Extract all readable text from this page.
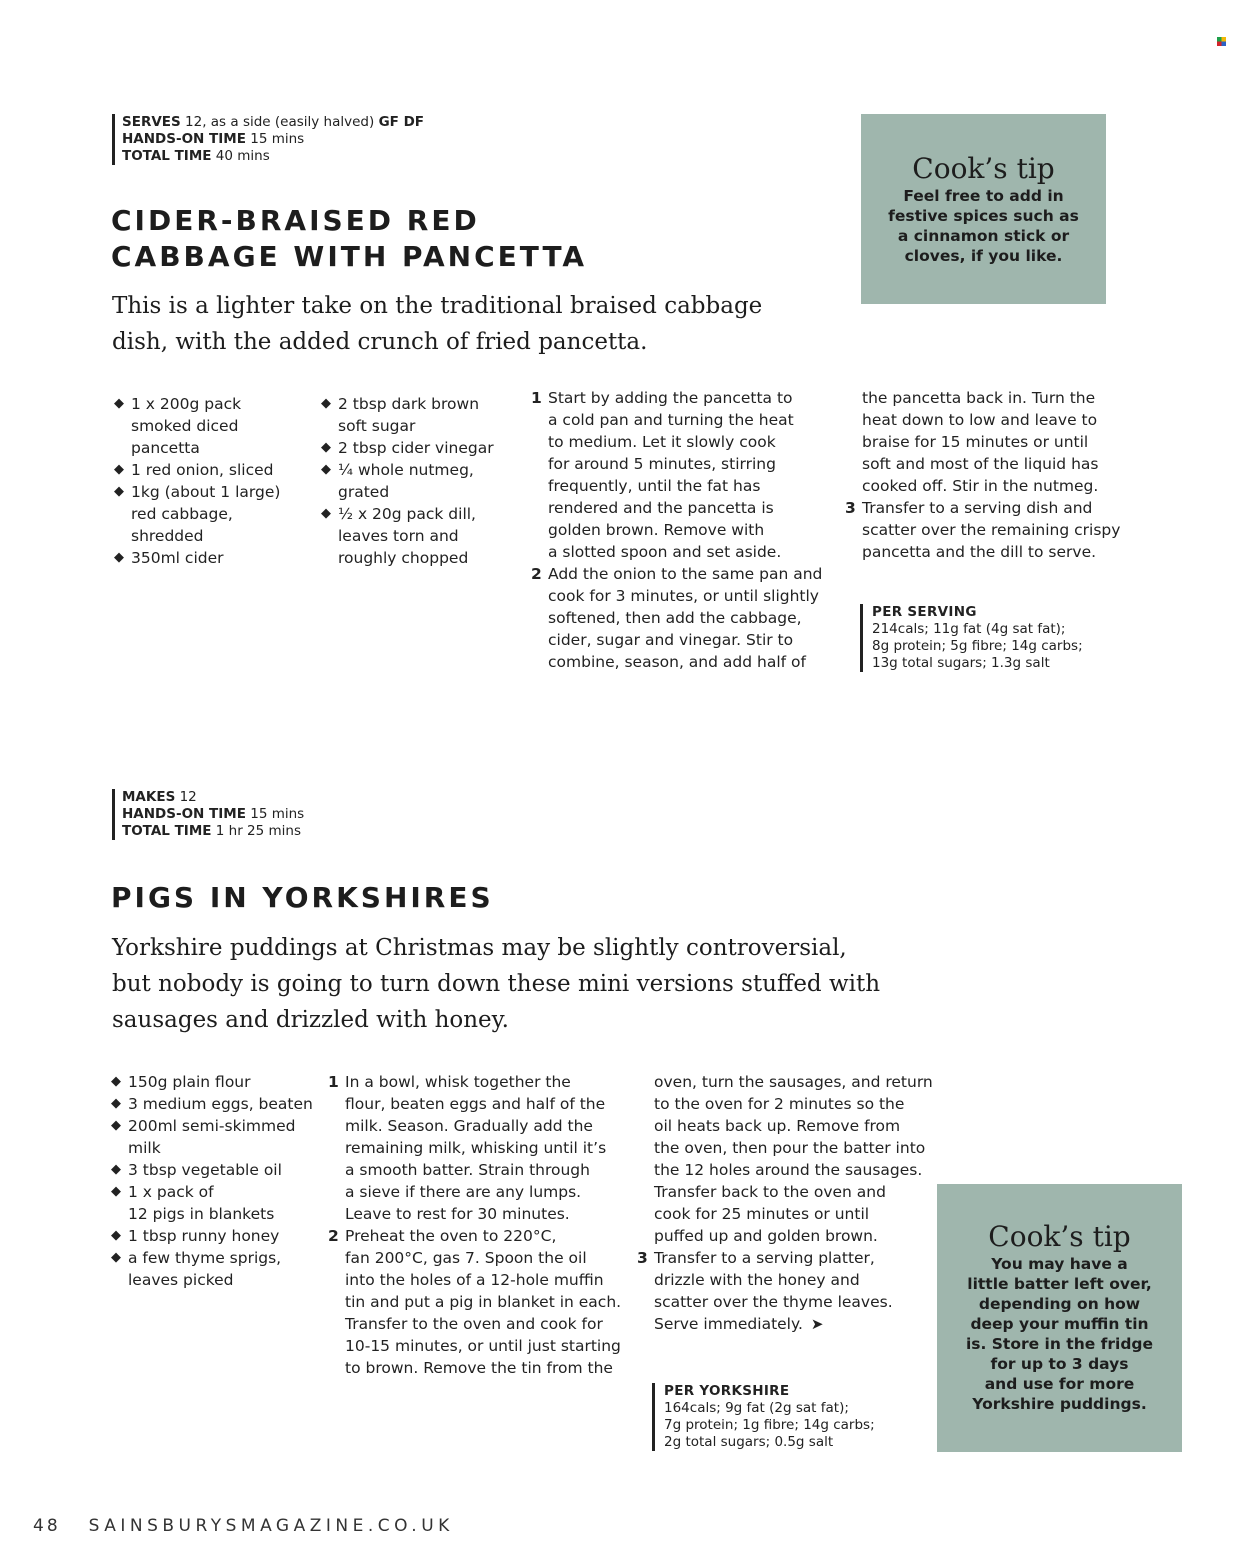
SERVES 12, as a side (easily halved) GF DF
HANDS-ON TIME 15 mins
TOTAL TIME 40 mins
CIDER-BRAISED RED
CABBAGE WITH PANCETTA
This is a lighter take on the traditional braised cabbage
dish, with the added crunch of fried pancetta.
◆ 1 x 200g pack
smoked diced
pancetta
◆ 1 red onion, sliced
◆ 1kg (about 1 large)
red cabbage,
shredded
◆ 350ml cider
◆ 2 tbsp dark brown
soft sugar
◆ 2 tbsp cider vinegar
◆ ¼ whole nutmeg,
grated
◆ ½ x 20g pack dill,
leaves torn and
roughly chopped
1 Start by adding the pancetta to
a cold pan and turning the heat
to medium. Let it slowly cook
for around 5 minutes, stirring
frequently, until the fat has
rendered and the pancetta is
golden brown. Remove with
a slotted spoon and set aside.
2 Add the onion to the same pan and
cook for 3 minutes, or until slightly
softened, then add the cabbage,
cider, sugar and vinegar. Stir to
combine, season, and add half of
the pancetta back in. Turn the
heat down to low and leave to
braise for 15 minutes or until
soft and most of the liquid has
cooked off. Stir in the nutmeg.
3 Transfer to a serving dish and
scatter over the remaining crispy
pancetta and the dill to serve.
PER SERVING
214cals; 11g fat (4g sat fat);
8g protein; 5g fibre; 14g carbs;
13g total sugars; 1.3g salt
Cook’s tip
Feel free to add in
festive spices such as
a cinnamon stick or
cloves, if you like.
MAKES 12
HANDS-ON TIME 15 mins
TOTAL TIME 1 hr 25 mins
PIGS IN YORKSHIRES
Yorkshire puddings at Christmas may be slightly controversial,
but nobody is going to turn down these mini versions stuffed with
sausages and drizzled with honey.
◆ 150g plain flour
◆ 3 medium eggs, beaten
◆ 200ml semi-skimmed
milk
◆ 3 tbsp vegetable oil
◆ 1 x pack of
12 pigs in blankets
◆ 1 tbsp runny honey
◆ a few thyme sprigs,
leaves picked
1 In a bowl, whisk together the
flour, beaten eggs and half of the
milk. Season. Gradually add the
remaining milk, whisking until it’s
a smooth batter. Strain through
a sieve if there are any lumps.
Leave to rest for 30 minutes.
2 Preheat the oven to 220°C,
fan 200°C, gas 7. Spoon the oil
into the holes of a 12-hole muffin
tin and put a pig in blanket in each.
Transfer to the oven and cook for
10-15 minutes, or until just starting
to brown. Remove the tin from the
oven, turn the sausages, and return
to the oven for 2 minutes so the
oil heats back up. Remove from
the oven, then pour the batter into
the 12 holes around the sausages.
Transfer back to the oven and
cook for 25 minutes or until
puffed up and golden brown.
3 Transfer to a serving platter,
drizzle with the honey and
scatter over the thyme leaves.
Serve immediately. ➤
PER YORKSHIRE
164cals; 9g fat (2g sat fat);
7g protein; 1g fibre; 14g carbs;
2g total sugars; 0.5g salt
Cook’s tip
You may have a
little batter left over,
depending on how
deep your muffin tin
is. Store in the fridge
for up to 3 days
and use for more
Yorkshire puddings.
48 SAINSBURYSMAGAZINE.CO.UK
